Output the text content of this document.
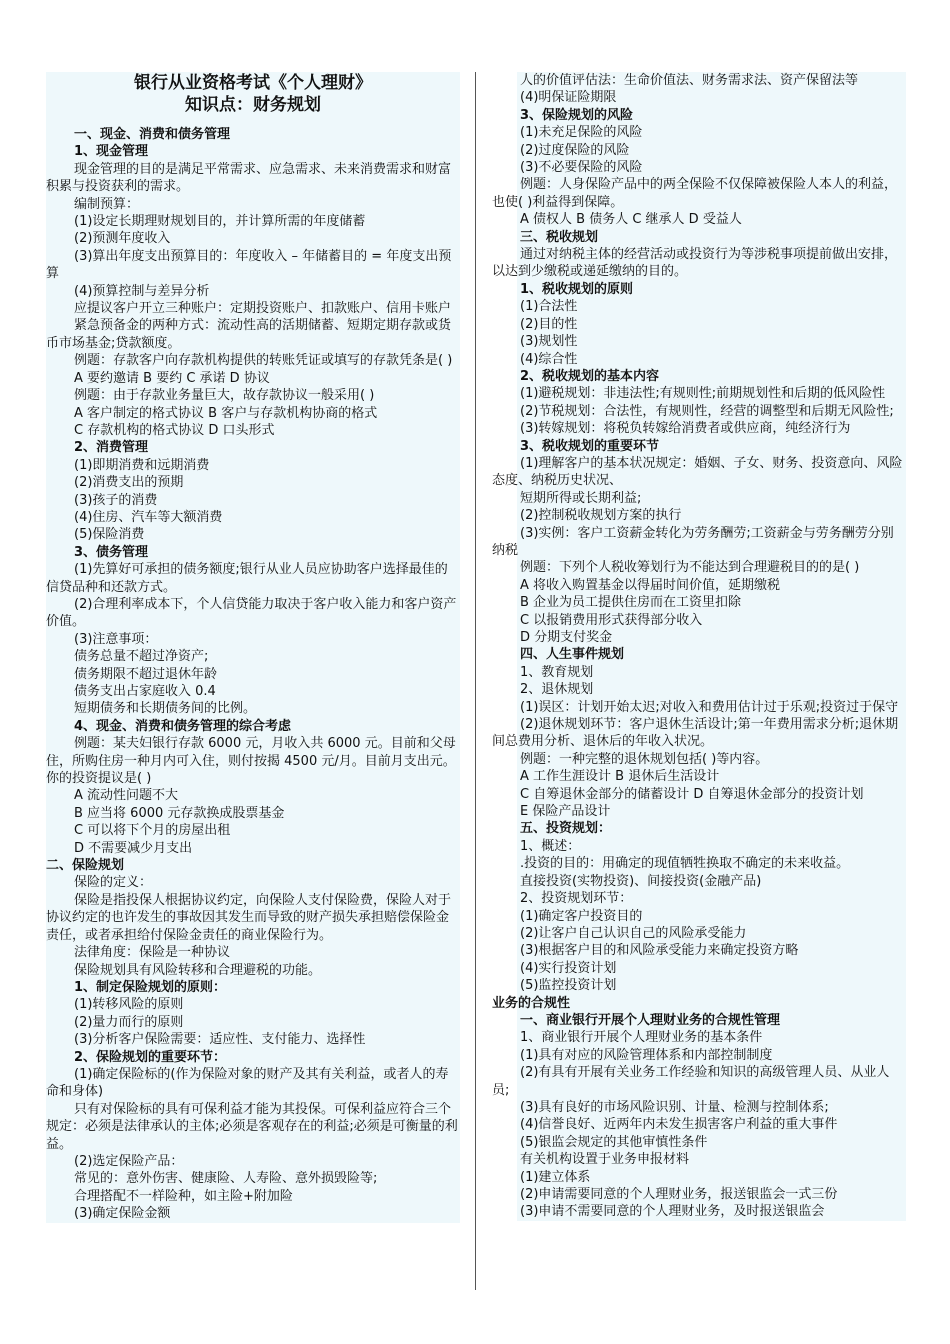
银行从业资格考试《个人理财》
知识点：财务规划
一、现金、消费和债务管理
1、现金管理
现金管理的目的是满足平常需求、应急需求、未来消费需求和财富积累与投资获利的需求。
编制预算：
(1)设定长期理财规划目的，并计算所需的年度储蓄
(2)预测年度收入
(3)算出年度支出预算目的：年度收入 – 年储蓄目的 = 年度支出预算
(4)预算控制与差异分析
应提议客户开立三种账户：定期投资账户、扣款账户、信用卡账户
紧急预备金的两种方式：流动性高的活期储蓄、短期定期存款或货币市场基金;贷款额度。
例题：存款客户向存款机构提供的转账凭证或填写的存款凭条是( )
A 要约邀请 B 要约 C 承诺 D 协议
例题：由于存款业务量巨大，故存款协议一般采用( )
A 客户制定的格式协议 B 客户与存款机构协商的格式
C 存款机构的格式协议 D 口头形式
2、消费管理
(1)即期消费和远期消费
(2)消费支出的预期
(3)孩子的消费
(4)住房、汽车等大额消费
(5)保险消费
3、债务管理
(1)先算好可承担的债务额度;银行从业人员应协助客户选择最佳的信贷品种和还款方式。
(2)合理利率成本下，个人信贷能力取决于客户收入能力和客户资产价值。
(3)注意事项：
债务总量不超过净资产;
债务期限不超过退休年龄
债务支出占家庭收入 0.4
短期债务和长期债务间的比例。
4、现金、消费和债务管理的综合考虑
例题：某夫妇银行存款 6000 元，月收入共 6000 元。目前和父母住，所购住房一种月内可入住，则付按揭 4500 元/月。目前月支出元。你的投资提议是( )
A 流动性问题不大
B 应当将 6000 元存款换成股票基金
C 可以将下个月的房屋出租
D 不需要减少月支出
二、保险规划
保险的定义：
保险是指投保人根据协议约定，向保险人支付保险费，保险人对于协议约定的也许发生的事故因其发生而导致的财产损失承担赔偿保险金责任，或者承担给付保险金责任的商业保险行为。
法律角度：保险是一种协议
保险规划具有风险转移和合理避税的功能。
1、制定保险规划的原则：
(1)转移风险的原则
(2)量力而行的原则
(3)分析客户保险需要：适应性、支付能力、选择性
2、保险规划的重要环节：
(1)确定保险标的(作为保险对象的财产及其有关利益，或者人的寿命和身体)
只有对保险标的具有可保利益才能为其投保。可保利益应符合三个规定：必须是法律承认的主体;必须是客观存在的利益;必须是可衡量的利益。
(2)选定保险产品：
常见的：意外伤害、健康险、人寿险、意外损毁险等;
合理搭配不一样险种，如主险+附加险
(3)确定保险金额
人的价值评估法：生命价值法、财务需求法、资产保留法等
(4)明保证险期限
3、保险规划的风险
(1)未充足保险的风险
(2)过度保险的风险
(3)不必要保险的风险
例题：人身保险产品中的两全保险不仅保障被保险人本人的利益，也使( )利益得到保障。
A 债权人 B 债务人 C 继承人 D 受益人
三、税收规划
通过对纳税主体的经营活动或投资行为等涉税事项提前做出安排，以达到少缴税或递延缴纳的目的。
1、税收规划的原则
(1)合法性
(2)目的性
(3)规划性
(4)综合性
2、税收规划的基本内容
(1)避税规划：非违法性;有规则性;前期规划性和后期的低风险性
(2)节税规划：合法性，有规则性，经营的调整型和后期无风险性;
(3)转嫁规划：将税负转嫁给消费者或供应商，纯经济行为
3、税收规划的重要环节
(1)理解客户的基本状况规定：婚姻、子女、财务、投资意向、风险态度、纳税历史状况、
短期所得或长期利益;
(2)控制税收规划方案的执行
(3)实例：客户工资薪金转化为劳务酬劳;工资薪金与劳务酬劳分别纳税
例题：下列个人税收筹划行为不能达到合理避税目的的是( )
A 将收入购置基金以得届时间价值，延期缴税
B 企业为员工提供住房而在工资里扣除
C 以报销费用形式获得部分收入
D 分期支付奖金
四、人生事件规划
1、教育规划
2、退休规划
(1)误区：计划开始太迟;对收入和费用估计过于乐观;投资过于保守
(2)退休规划环节：客户退休生活设计;第一年费用需求分析;退休期间总费用分析、退休后的年收入状况。
例题：一种完整的退休规划包括( )等内容。
A 工作生涯设计 B 退休后生活设计
C 自筹退休金部分的储蓄设计 D 自筹退休金部分的投资计划
E 保险产品设计
五、投资规划：
1、概述：
.投资的目的：用确定的现值牺牲换取不确定的未来收益。
直接投资(实物投资)、间接投资(金融产品)
2、投资规划环节：
(1)确定客户投资目的
(2)让客户自己认识自己的风险承受能力
(3)根据客户目的和风险承受能力来确定投资方略
(4)实行投资计划
(5)监控投资计划
业务的合规性
一、商业银行开展个人理财业务的合规性管理
1、商业银行开展个人理财业务的基本条件
(1)具有对应的风险管理体系和内部控制制度
(2)有具有开展有关业务工作经验和知识的高级管理人员、从业人员;
(3)具有良好的市场风险识别、计量、检测与控制体系;
(4)信誉良好、近两年内未发生损害客户利益的重大事件
(5)银监会规定的其他审慎性条件
有关机构设置于业务申报材料
(1)建立体系
(2)申请需要同意的个人理财业务，报送银监会一式三份
(3)申请不需要同意的个人理财业务，及时报送银监会
